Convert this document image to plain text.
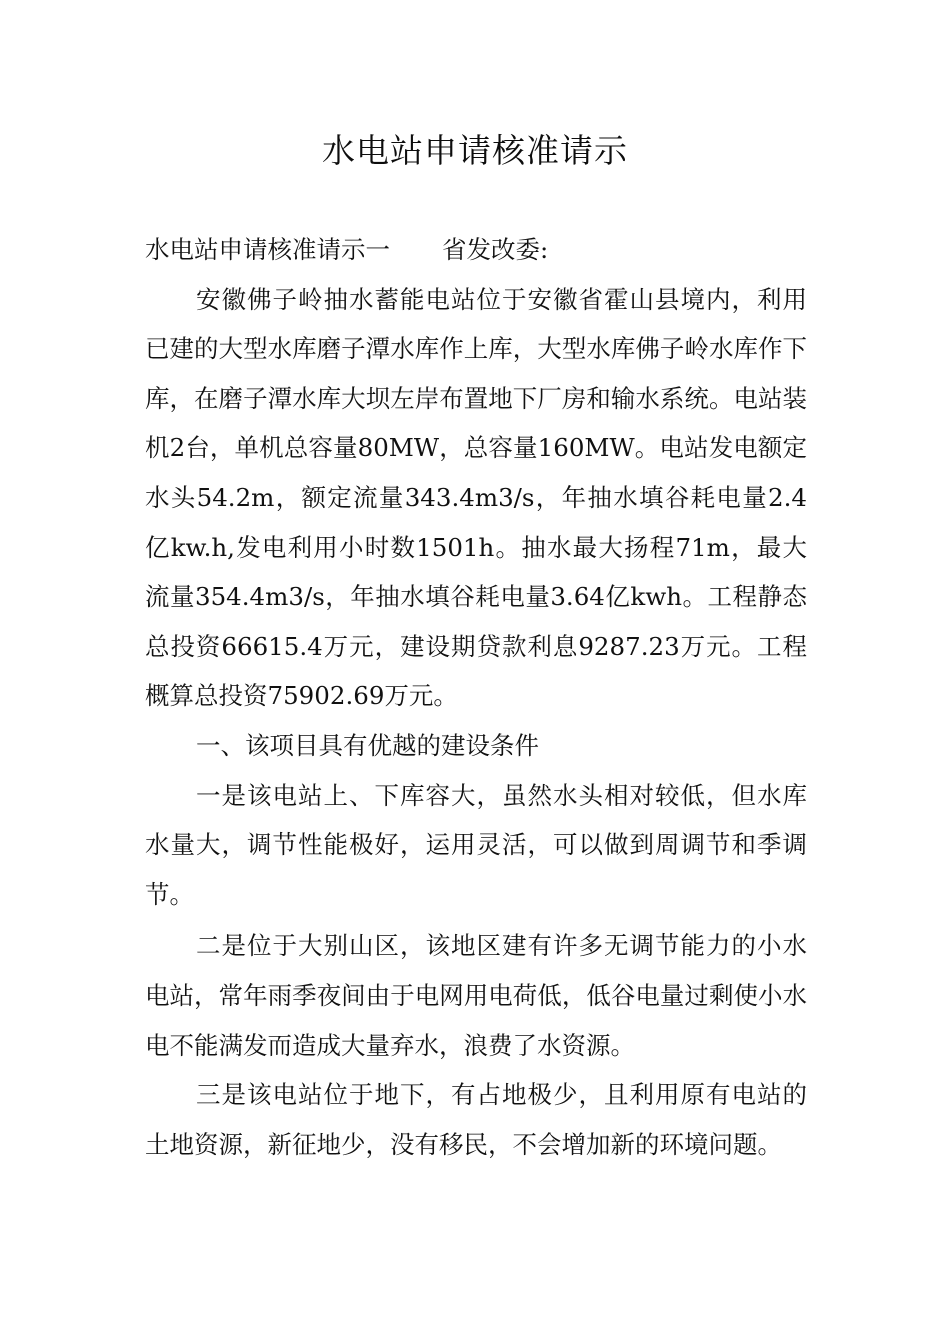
水电站申请核准请示

水电站申请核准请示一 省发改委:

安徽佛子岭抽水蓄能电站位于安徽省霍山县境内，利用已建的大型水库磨子潭水库作上库，大型水库佛子岭水库作下库，在磨子潭水库大坝左岸布置地下厂房和输水系统。电站装机2台，单机总容量80MW，总容量160MW。电站发电额定水头54.2m，额定流量343.4m3/s，年抽水填谷耗电量2.4亿kw.h,发电利用小时数1501h。抽水最大扬程71m，最大流量354.4m3/s，年抽水填谷耗电量3.64亿kwh。工程静态总投资66615.4万元，建设期贷款利息9287.23万元。工程概算总投资75902.69万元。

一、该项目具有优越的建设条件

一是该电站上、下库容大，虽然水头相对较低，但水库水量大，调节性能极好，运用灵活，可以做到周调节和季调节。

二是位于大别山区，该地区建有许多无调节能力的小水电站，常年雨季夜间由于电网用电荷低，低谷电量过剩使小水电不能满发而造成大量弃水，浪费了水资源。

三是该电站位于地下，有占地极少，且利用原有电站的土地资源，新征地少，没有移民，不会增加新的环境问题。
